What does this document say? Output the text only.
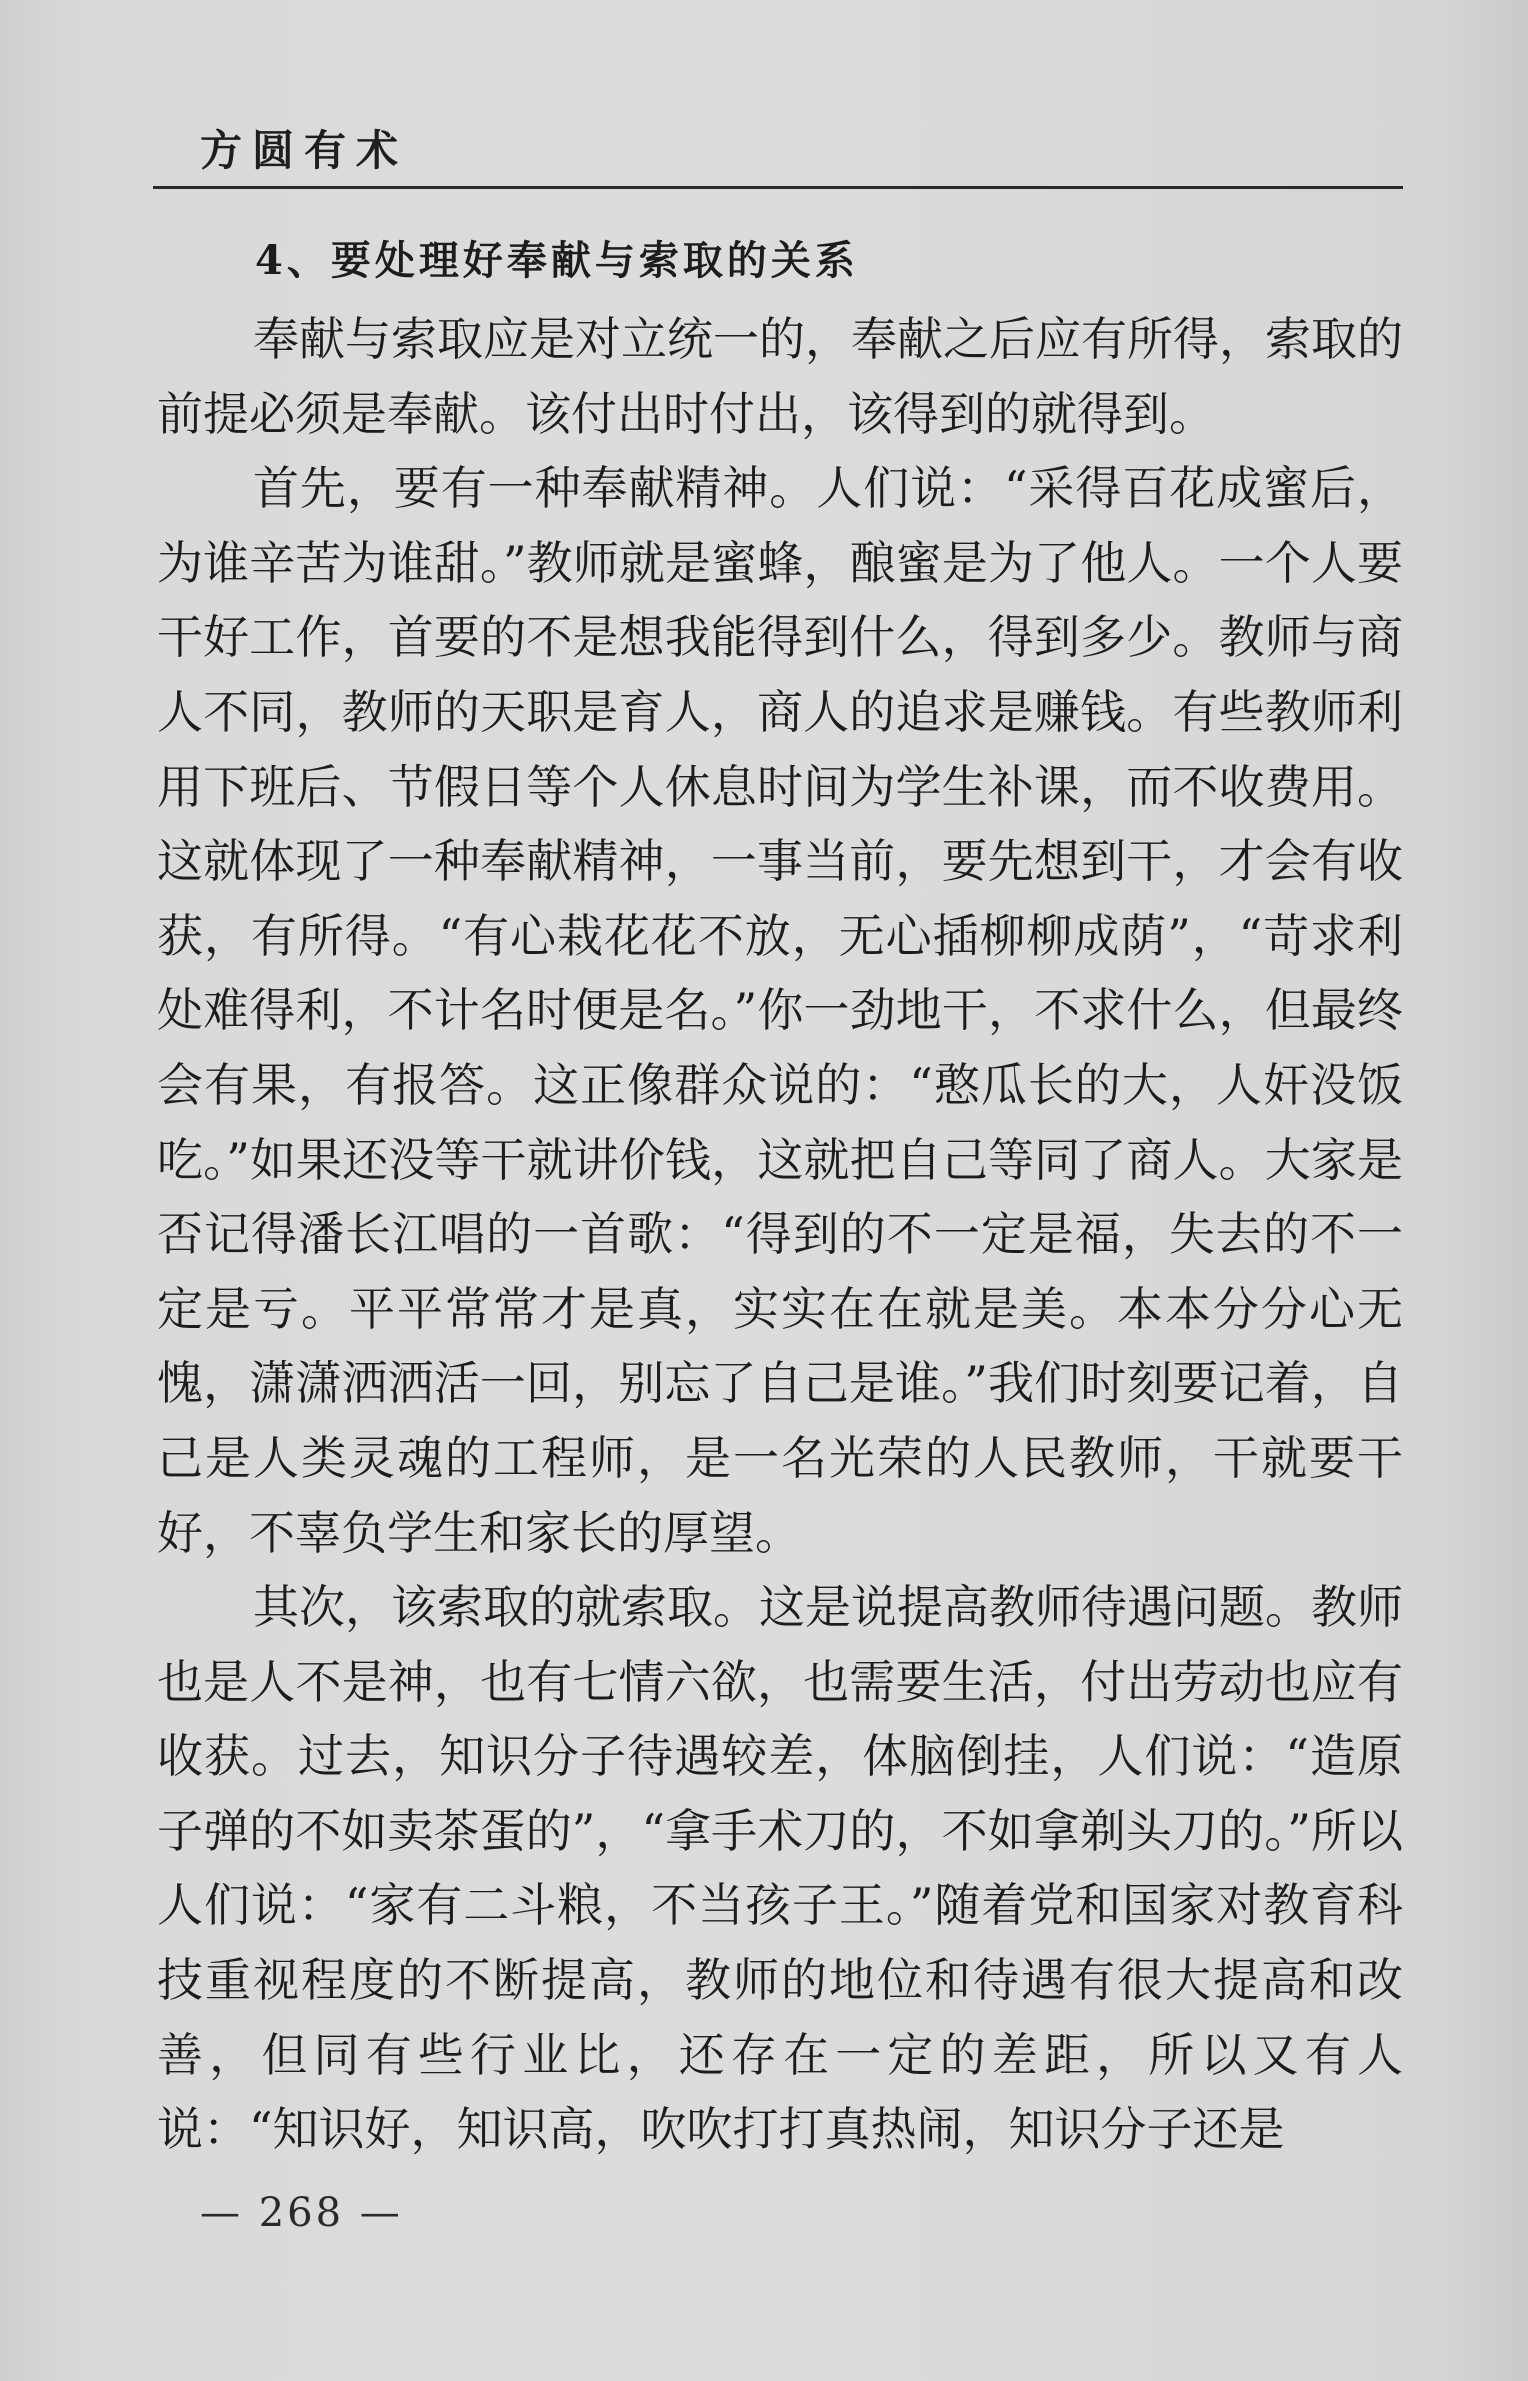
方圆有术
4、要处理好奉献与索取的关系

奉献与索取应是对立统一的，奉献之后应有所得，索取的前提必须是奉献。该付出时付出，该得到的就得到。

首先，要有一种奉献精神。人们说：“采得百花成蜜后，为谁辛苦为谁甜。”教师就是蜜蜂，酿蜜是为了他人。一个人要干好工作，首要的不是想我能得到什么，得到多少。教师与商人不同，教师的天职是育人，商人的追求是赚钱。有些教师利用下班后、节假日等个人休息时间为学生补课，而不收费用。这就体现了一种奉献精神，一事当前，要先想到干，才会有收获，有所得。“有心栽花花不放，无心插柳柳成荫”，“苛求利处难得利，不计名时便是名。”你一劲地干，不求什么，但最终会有果，有报答。这正像群众说的：“憨瓜长的大，人奸没饭吃。”如果还没等干就讲价钱，这就把自己等同了商人。大家是否记得潘长江唱的一首歌：“得到的不一定是福，失去的不一定是亏。平平常常才是真，实实在在就是美。本本分分心无愧，潇潇洒洒活一回，别忘了自己是谁。”我们时刻要记着，自己是人类灵魂的工程师，是一名光荣的人民教师，干就要干好，不辜负学生和家长的厚望。

其次，该索取的就索取。这是说提高教师待遇问题。教师也是人不是神，也有七情六欲，也需要生活，付出劳动也应有收获。过去，知识分子待遇较差，体脑倒挂，人们说：“造原子弹的不如卖茶蛋的”，“拿手术刀的，不如拿剃头刀的。”所以人们说：“家有二斗粮，不当孩子王。”随着党和国家对教育科技重视程度的不断提高，教师的地位和待遇有很大提高和改善，但同有些行业比，还存在一定的差距，所以又有人说：“知识好，知识高，吹吹打打真热闹，知识分子还是

— 268 —
